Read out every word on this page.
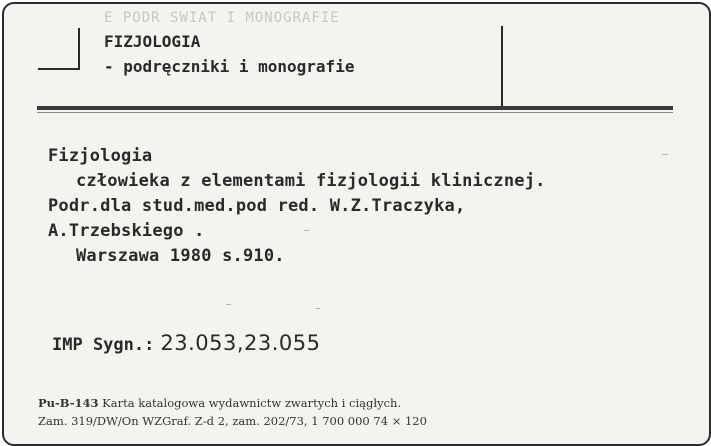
E PODR SWIAT I MONOGRAFIE
FIZJOLOGIA
- podręczniki i monografie
Fizjologia
człowieka z elementami fizjologii klinicznej.
Podr.dla stud.med.pod red. W.Z.Traczyka,
A.Trzebskiego .
Warszawa 1980 s.910.
IMP Sygn.: 23.053,23.055
Pu-B-143 Karta katalogowa wydawnictw zwartych i ciągłych.
Zam. 319/DW/On WZGraf. Z-d 2, zam. 202/73, 1 700 000 74 × 120
